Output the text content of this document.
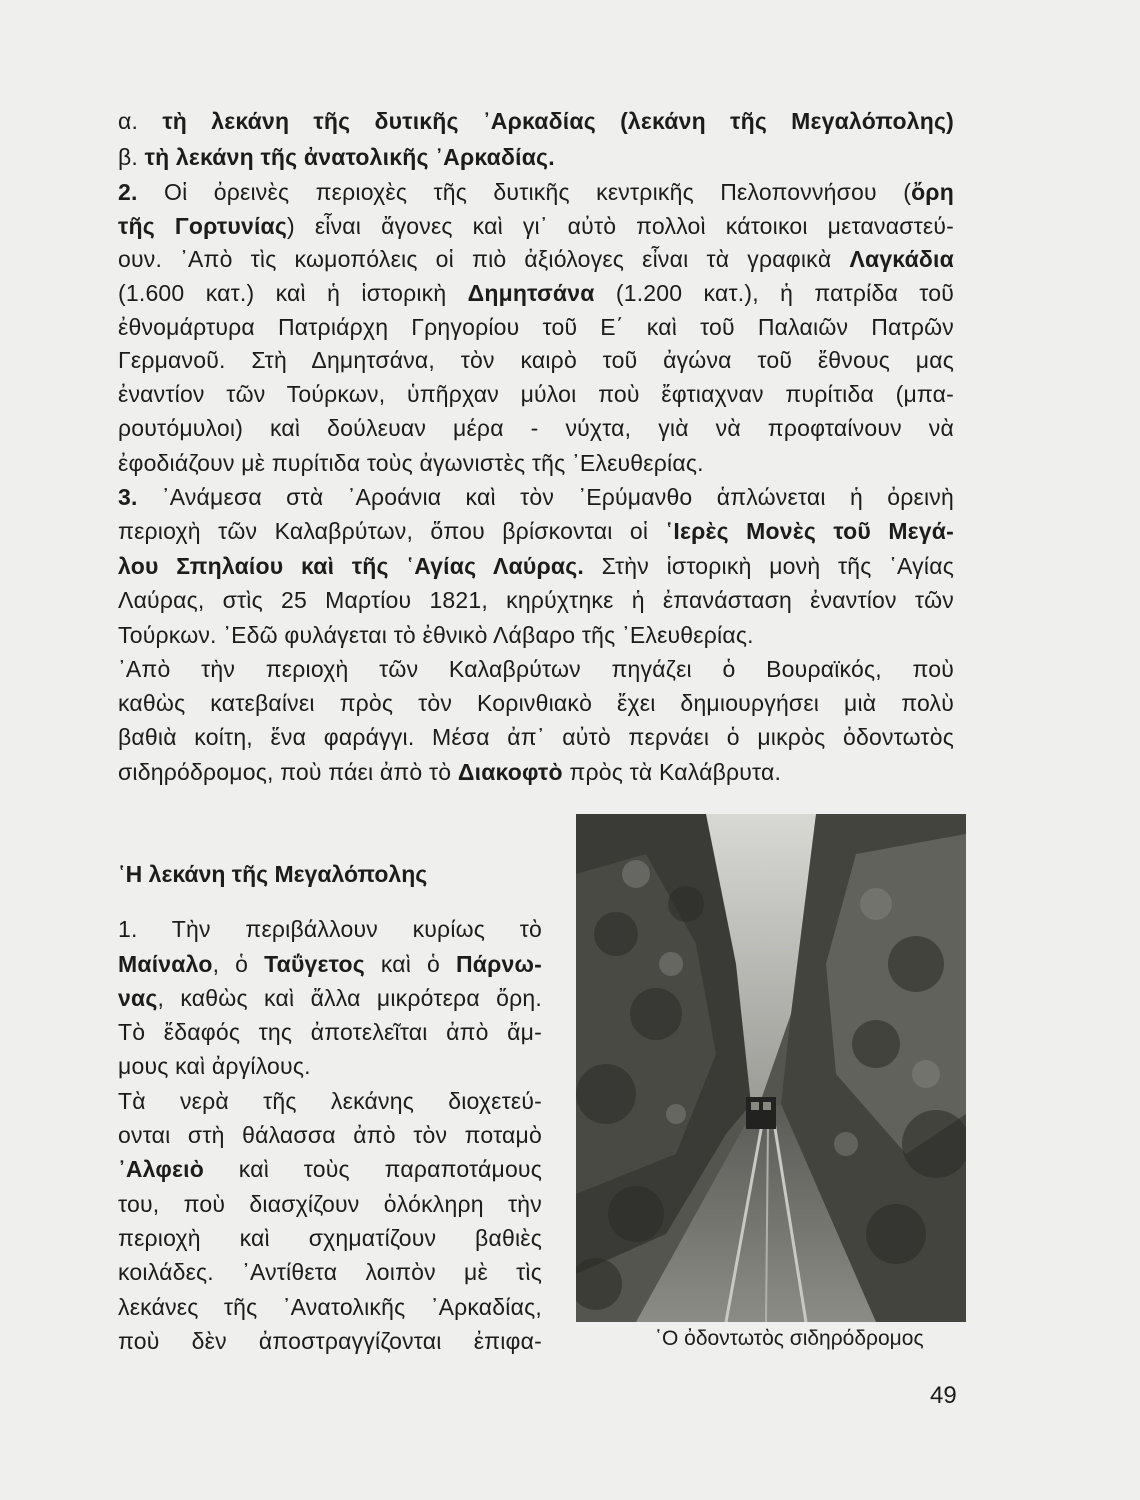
α. τὴ λεκάνη τῆς δυτικῆς ᾿Αρκαδίας (λεκάνη τῆς Μεγαλόπολης)
β. τὴ λεκάνη τῆς ἀνατολικῆς ᾿Αρκαδίας.
2. Οἱ ὀρεινὲς περιοχὲς τῆς δυτικῆς κεντρικῆς Πελοποννήσου (ὄρη
τῆς Γορτυνίας) εἶναι ἄγονες καὶ γι᾿ αὐτὸ πολλοὶ κάτοικοι μεταναστεύ-
ουν. ᾿Απὸ τὶς κωμοπόλεις οἱ πιὸ ἀξιόλογες εἶναι τὰ γραφικὰ Λαγκάδια
(1.600 κατ.) καὶ ἡ ἱστορικὴ Δημητσάνα (1.200 κατ.), ἡ πατρίδα τοῦ
ἐθνομάρτυρα Πατριάρχη Γρηγορίου τοῦ Ε΄ καὶ τοῦ Παλαιῶν Πατρῶν
Γερμανοῦ. Στὴ Δημητσάνα, τὸν καιρὸ τοῦ ἀγώνα τοῦ ἔθνους μας
ἐναντίον τῶν Τούρκων, ὑπῆρχαν μύλοι ποὺ ἔφτιαχναν πυρίτιδα (μπα-
ρουτόμυλοι) καὶ δούλευαν μέρα - νύχτα, γιὰ νὰ προφταίνουν νὰ
ἐφοδιάζουν μὲ πυρίτιδα τοὺς ἀγωνιστὲς τῆς ᾿Ελευθερίας.
3. ᾿Ανάμεσα στὰ ᾿Αροάνια καὶ τὸν ᾿Ερύμανθο ἁπλώνεται ἡ ὀρεινὴ
περιοχὴ τῶν Καλαβρύτων, ὅπου βρίσκονται οἱ ῾Ιερὲς Μονὲς τοῦ Μεγά-
λου Σπηλαίου καὶ τῆς ῾Αγίας Λαύρας. Στὴν ἱστορικὴ μονὴ τῆς ῾Αγίας
Λαύρας, στὶς 25 Μαρτίου 1821, κηρύχτηκε ἡ ἐπανάσταση ἐναντίον τῶν
Τούρκων. ᾿Εδῶ φυλάγεται τὸ ἐθνικὸ Λάβαρο τῆς ᾿Ελευθερίας.
᾿Απὸ τὴν περιοχὴ τῶν Καλαβρύτων πηγάζει ὁ Βουραϊκός, ποὺ
καθὼς κατεβαίνει πρὸς τὸν Κορινθιακὸ ἔχει δημιουργήσει μιὰ πολὺ
βαθιὰ κοίτη, ἕνα φαράγγι. Μέσα ἀπ᾿ αὐτὸ περνάει ὁ μικρὸς ὀδοντωτὸς
σιδηρόδρομος, ποὺ πάει ἀπὸ τὸ Διακοφτὸ πρὸς τὰ Καλάβρυτα.
῾Η λεκάνη τῆς Μεγαλόπολης
1. Τὴν περιβάλλουν κυρίως τὸ
Μαίναλο, ὁ Ταΰγετος καὶ ὁ Πάρνω-
νας, καθὼς καὶ ἄλλα μικρότερα ὄρη.
Τὸ ἔδαφός της ἀποτελεῖται ἀπὸ ἄμ-
μους καὶ ἀργίλους.
Τὰ νερὰ τῆς λεκάνης διοχετεύ-
ονται στὴ θάλασσα ἀπὸ τὸν ποταμὸ
᾿Αλφειὸ καὶ τοὺς παραποτάμους
του, ποὺ διασχίζουν ὁλόκληρη τὴν
περιοχὴ καὶ σχηματίζουν βαθιὲς
κοιλάδες. ᾿Αντίθετα λοιπὸν μὲ τὶς
λεκάνες τῆς ᾿Ανατολικῆς ᾿Αρκαδίας,
ποὺ δὲν ἀποστραγγίζονται ἐπιφα-	῾Ο ὀδοντωτὸς σιδηρόδρομος
49
